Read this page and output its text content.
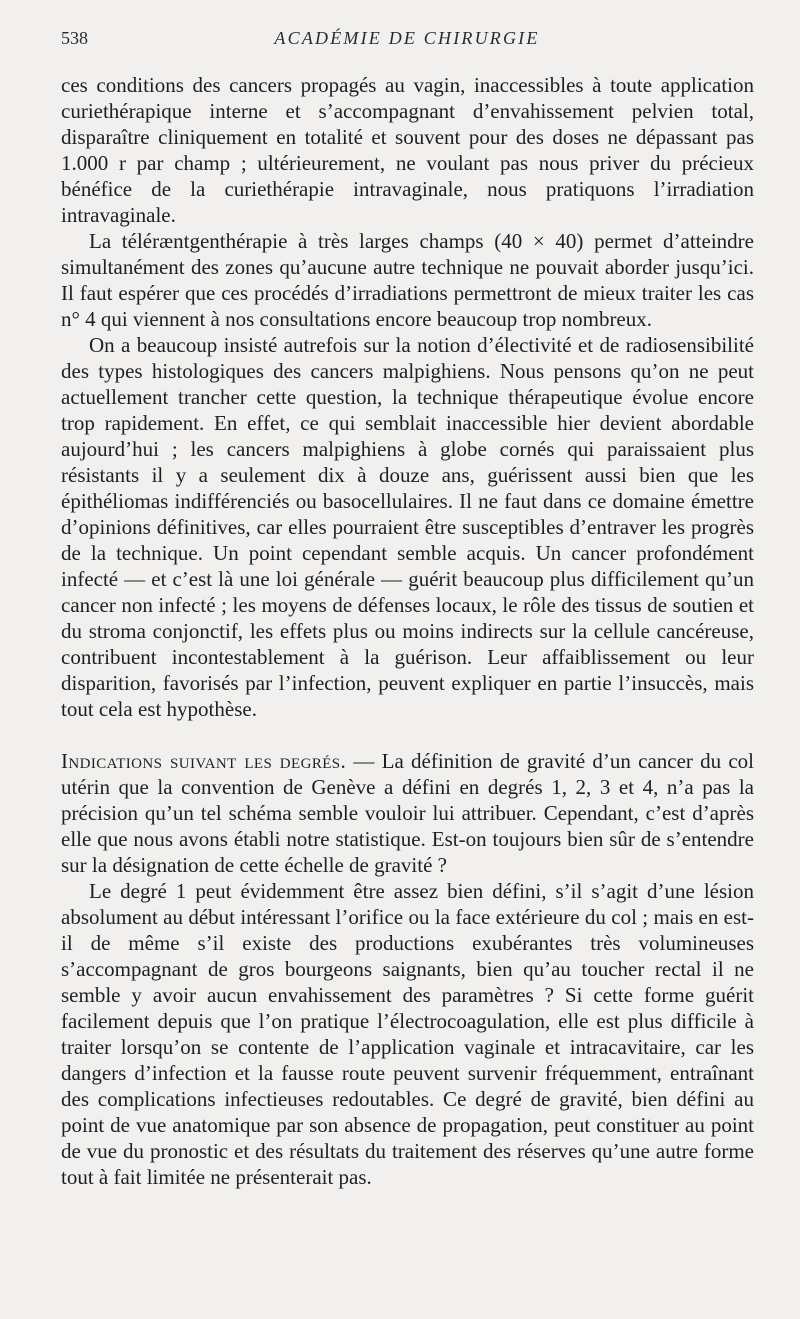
538	ACADÉMIE DE CHIRURGIE

ces conditions des cancers propagés au vagin, inaccessibles à toute application curiethérapique interne et s’accompagnant d’envahissement pelvien total, disparaître cliniquement en totalité et souvent pour des doses ne dépassant pas 1.000 r par champ ; ultérieurement, ne voulant pas nous priver du précieux bénéfice de la curiethérapie intravaginale, nous pratiquons l’irradiation intravaginale.

La téléræntgenthérapie à très larges champs (40 × 40) permet d’atteindre simultanément des zones qu’aucune autre technique ne pouvait aborder jusqu’ici. Il faut espérer que ces procédés d’irradiations permettront de mieux traiter les cas n° 4 qui viennent à nos consultations encore beaucoup trop nombreux.

On a beaucoup insisté autrefois sur la notion d’électivité et de radiosensibilité des types histologiques des cancers malpighiens. Nous pensons qu’on ne peut actuellement trancher cette question, la technique thérapeutique évolue encore trop rapidement. En effet, ce qui semblait inaccessible hier devient abordable aujourd’hui ; les cancers malpighiens à globe cornés qui paraissaient plus résistants il y a seulement dix à douze ans, guérissent aussi bien que les épithéliomas indifférenciés ou basocellulaires. Il ne faut dans ce domaine émettre d’opinions définitives, car elles pourraient être susceptibles d’entraver les progrès de la technique. Un point cependant semble acquis. Un cancer profondément infecté — et c’est là une loi générale — guérit beaucoup plus difficilement qu’un cancer non infecté ; les moyens de défenses locaux, le rôle des tissus de soutien et du stroma conjonctif, les effets plus ou moins indirects sur la cellule cancéreuse, contribuent incontestablement à la guérison. Leur affaiblissement ou leur disparition, favorisés par l’infection, peuvent expliquer en partie l’insuccès, mais tout cela est hypothèse.

Indications suivant les degrés. — La définition de gravité d’un cancer du col utérin que la convention de Genève a défini en degrés 1, 2, 3 et 4, n’a pas la précision qu’un tel schéma semble vouloir lui attribuer. Cependant, c’est d’après elle que nous avons établi notre statistique. Est-on toujours bien sûr de s’entendre sur la désignation de cette échelle de gravité ?

Le degré 1 peut évidemment être assez bien défini, s’il s’agit d’une lésion absolument au début intéressant l’orifice ou la face extérieure du col ; mais en est-il de même s’il existe des productions exubérantes très volumineuses s’accompagnant de gros bourgeons saignants, bien qu’au toucher rectal il ne semble y avoir aucun envahissement des paramètres ? Si cette forme guérit facilement depuis que l’on pratique l’électrocoagulation, elle est plus difficile à traiter lorsqu’on se contente de l’application vaginale et intracavitaire, car les dangers d’infection et la fausse route peuvent survenir fréquemment, entraînant des complications infectieuses redoutables. Ce degré de gravité, bien défini au point de vue anatomique par son absence de propagation, peut constituer au point de vue du pronostic et des résultats du traitement des réserves qu’une autre forme tout à fait limitée ne présenterait pas.
